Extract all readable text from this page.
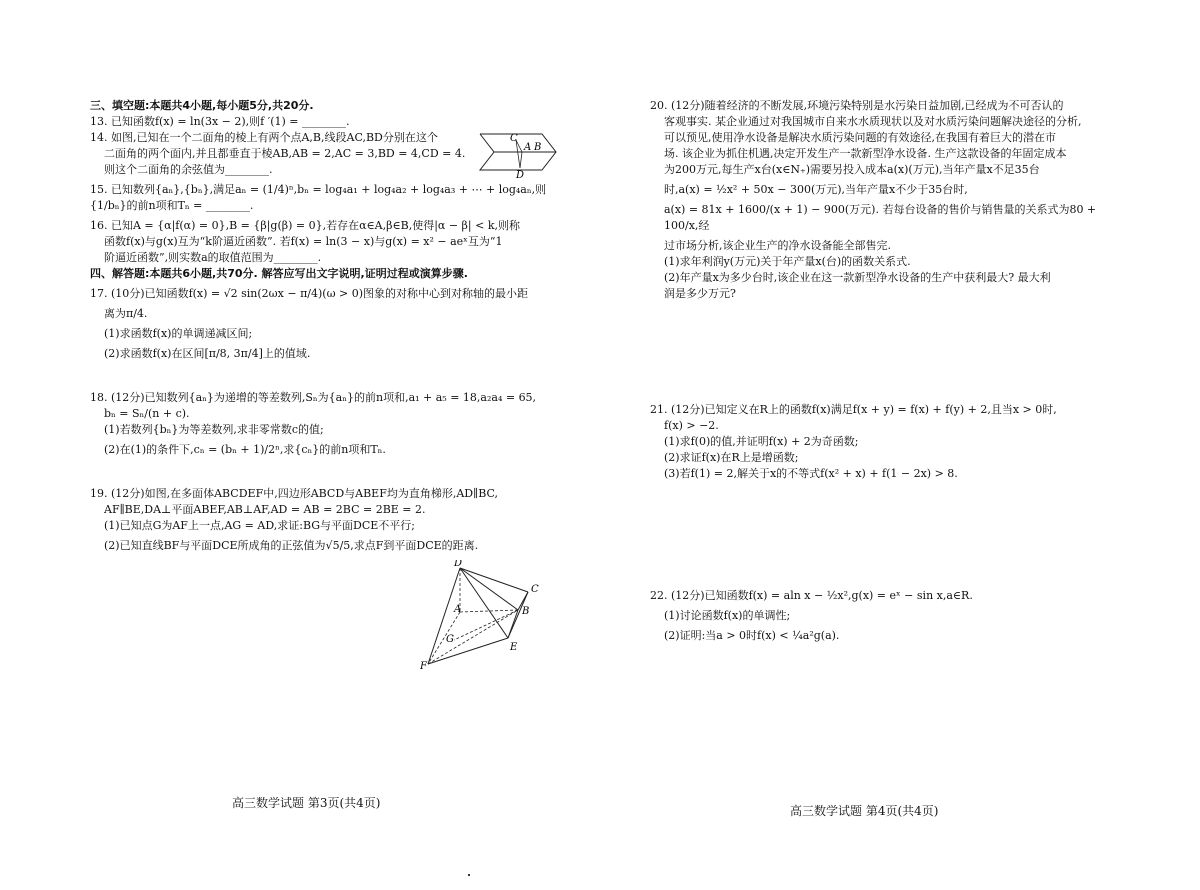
三、填空题:本题共4小题,每小题5分,共20分.

13. 已知函数f(x) = ln(3x − 2),则f ′(1) = ________.

14. 如图,已知在一个二面角的棱上有两个点A,B,线段AC,BD分别在这个

二面角的两个面内,并且都垂直于棱AB,AB = 2,AC = 3,BD = 4,CD = 4.

则这个二面角的余弦值为________.

C
A B
D

15. 已知数列{aₙ},{bₙ},满足aₙ = (1/4)ⁿ,bₙ = log₄a₁ + log₄a₂ + log₄a₃ + ⋯ + log₄aₙ,则

{1/bₙ}的前n项和Tₙ = ________.

16. 已知A = {α|f(α) = 0},B = {β|g(β) = 0},若存在α∈A,β∈B,使得|α − β| < k,则称

函数f(x)与g(x)互为“k阶逼近函数”. 若f(x) = ln(3 − x)与g(x) = x² − aeˣ互为“1

阶逼近函数”,则实数a的取值范围为________.

四、解答题:本题共6小题,共70分. 解答应写出文字说明,证明过程或演算步骤.

17. (10分)已知函数f(x) = √2 sin(2ωx − π/4)(ω > 0)图象的对称中心到对称轴的最小距

离为π/4.

(1)求函数f(x)的单调递减区间;

(2)求函数f(x)在区间[π/8, 3π/4]上的值域.

18. (12分)已知数列{aₙ}为递增的等差数列,Sₙ为{aₙ}的前n项和,a₁ + a₅ = 18,a₂a₄ = 65,

bₙ = Sₙ/(n + c).

(1)若数列{bₙ}为等差数列,求非零常数c的值;

(2)在(1)的条件下,cₙ = (bₙ + 1)/2ⁿ,求{cₙ}的前n项和Tₙ.

19. (12分)如图,在多面体ABCDEF中,四边形ABCD与ABEF均为直角梯形,AD∥BC,

AF∥BE,DA⊥平面ABEF,AB⊥AF,AD = AB = 2BC = 2BE = 2.

(1)已知点G为AF上一点,AG = AD,求证:BG与平面DCE不平行;

(2)已知直线BF与平面DCE所成角的正弦值为√5/5,求点F到平面DCE的距离.

D
C
A	B
G
E
F

20. (12分)随着经济的不断发展,环境污染特别是水污染日益加剧,已经成为不可否认的

客观事实. 某企业通过对我国城市自来水水质现状以及对水质污染问题解决途径的分析,

可以预见,使用净水设备是解决水质污染问题的有效途径,在我国有着巨大的潜在市

场. 该企业为抓住机遇,决定开发生产一款新型净水设备. 生产这款设备的年固定成本

为200万元,每生产x台(x∈N₊)需要另投入成本a(x)(万元),当年产量x不足35台

时,a(x) = ½x² + 50x − 300(万元),当年产量x不少于35台时,

a(x) = 81x + 1600/(x + 1) − 900(万元). 若每台设备的售价与销售量的关系式为80 + 100/x,经

过市场分析,该企业生产的净水设备能全部售完.

(1)求年利润y(万元)关于年产量x(台)的函数关系式.

(2)年产量x为多少台时,该企业在这一款新型净水设备的生产中获利最大? 最大利

润是多少万元?

21. (12分)已知定义在R上的函数f(x)满足f(x + y) = f(x) + f(y) + 2,且当x > 0时,

f(x) > −2.

(1)求f(0)的值,并证明f(x) + 2为奇函数;

(2)求证f(x)在R上是增函数;

(3)若f(1) = 2,解关于x的不等式f(x² + x) + f(1 − 2x) > 8.

22. (12分)已知函数f(x) = aln x − ½x²,g(x) = eˣ − sin x,a∈R.

(1)讨论函数f(x)的单调性;

(2)证明:当a > 0时f(x) < ¼a²g(a).

高三数学试题 第3页(共4页)
高三数学试题 第4页(共4页)
